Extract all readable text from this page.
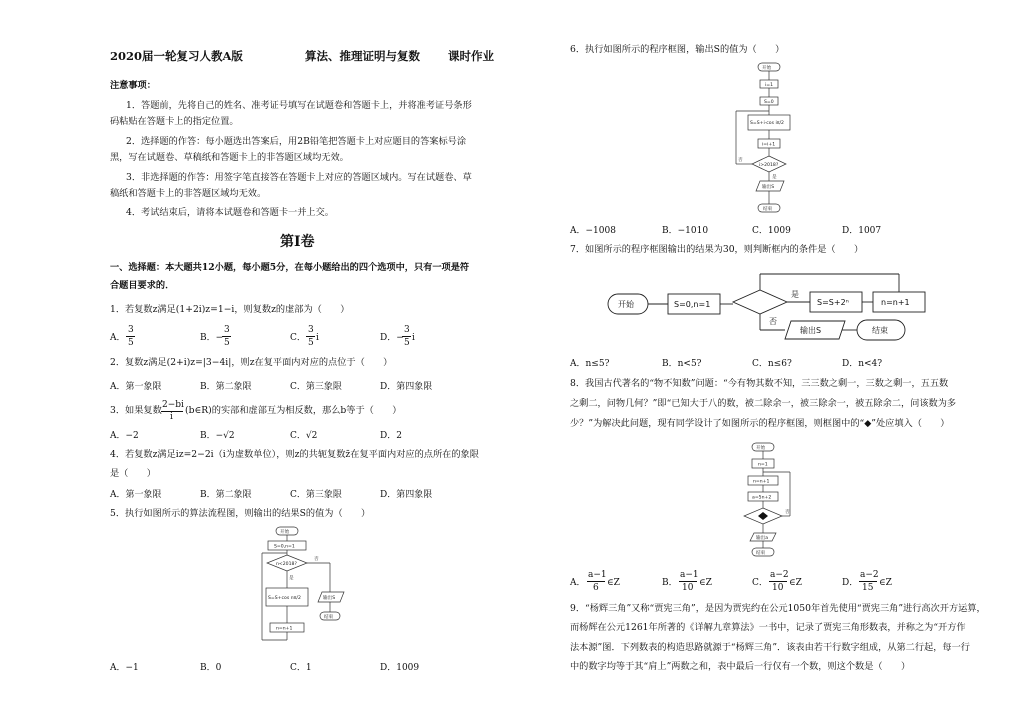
2020届一轮复习人教A版	算法、推理证明与复数 课时作业
注意事项：
1．答题前，先将自己的姓名、准考证号填写在试题卷和答题卡上，并将准考证号条形
码粘贴在答题卡上的指定位置。
2．选择题的作答：每小题选出答案后，用2B铅笔把答题卡上对应题目的答案标号涂
黑，写在试题卷、草稿纸和答题卡上的非答题区域均无效。
3．非选择题的作答：用签字笔直接答在答题卡上对应的答题区域内。写在试题卷、草
稿纸和答题卡上的非答题区域均无效。
4．考试结束后，请将本试题卷和答题卡一并上交。
第Ⅰ卷
一、选择题：本大题共12小题，每小题5分，在每小题给出的四个选项中，只有一项是符
合题目要求的．
1．若复数z满足(1+2i)z=1−i，则复数z的虚部为（　　）
A．
3
5	B．−
3
5	C．
3
5 i	D．−
3
5 i
2．复数z满足(2+i)z=|3−4i|，则z在复平面内对应的点位于（　　）
A．第一象限	B．第二象限	C．第三象限	D．第四象限
3．如果复数 2−bi
i
(b∈R)的实部和虚部互为相反数，那么b等于（　　）
A．−2	B．−√2	C．√2	D．2
4．若复数z满足iz=2−2i（i为虚数单位），则z的共轭复数z̄在复平面内对应的点所在的象限
是（　　）
A．第一象限	B．第二象限	C．第三象限	D．第四象限
5．执行如图所示的算法流程图，则输出的结果S的值为（　　）
开始
S=0,n=1
n<2018?
否
是
S=S+cos nπ/2
n=n+1
输出S
结束
A．−1	B．0	C．1	D．1009
6．执行如图所示的程序框图，输出S的值为（　　）
开始
i=1
S=0
S=S+i·cos iπ/2
i=i+1
i>2018?
否
是
输出S
结束
A．−1008	B．−1010	C．1009	D．1007
7．如图所示的程序框图输出的结果为30，则判断框内的条件是（　　）
开始	S=0,n=1
是
否
S=S+2ⁿ	n=n+1
输出S	结束
A．n≤5?	B．n<5?	C．n≤6?	D．n<4?
8．我国古代著名的“物不知数”问题：“今有物其数不知，三三数之剩一，三数之剩一，五五数
之剩二，问物几何？”即“已知大于八的数，被二除余一，被三除余一，被五除余二，问该数为多
少？”为解决此问题，现有同学设计了如图所示的程序框图，则框图中的“◆”处应填入（　　）
开始
n=1
n=n+1
a=5n+2
否
输出a
结束
A．
a−1
6 ∈Z	B．
a−1
10 ∈Z	C．
a−2
10 ∈Z	D．
a−2
15 ∈Z
9．“杨辉三角”又称“贾宪三角”，是因为贾宪约在公元1050年首先使用“贾宪三角”进行高次开方运算，
而杨辉在公元1261年所著的《详解九章算法》一书中，记录了贾宪三角形数表，并称之为“开方作
法本源”图．下列数表的构造思路就源于“杨辉三角”．该表由若干行数字组成，从第二行起，每一行
中的数字均等于其“肩上”两数之和，表中最后一行仅有一个数，则这个数是（　　）
